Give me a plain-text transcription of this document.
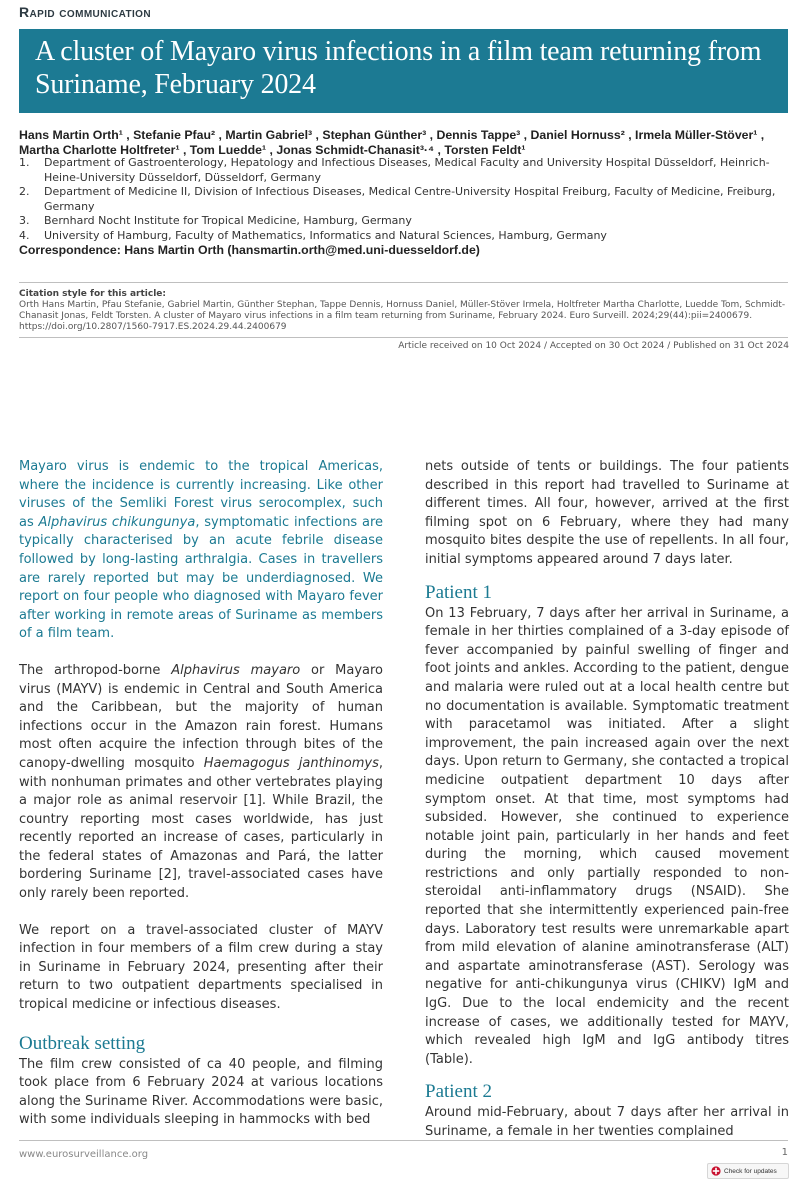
Rapid communication
A cluster of Mayaro virus infections in a film team returning from Suriname, February 2024
Hans Martin Orth¹ , Stefanie Pfau² , Martin Gabriel³ , Stephan Günther³ , Dennis Tappe³ , Daniel Hornuss² , Irmela Müller-Stöver¹ , Martha Charlotte Holtfreter¹ , Tom Luedde¹ , Jonas Schmidt-Chanasit³·⁴ , Torsten Feldt¹
1.	Department of Gastroenterology, Hepatology and Infectious Diseases, Medical Faculty and University Hospital Düsseldorf, Heinrich-Heine-University Düsseldorf, Düsseldorf, Germany
2.	Department of Medicine II, Division of Infectious Diseases, Medical Centre-University Hospital Freiburg, Faculty of Medicine, Freiburg, Germany
3.	Bernhard Nocht Institute for Tropical Medicine, Hamburg, Germany
4.	University of Hamburg, Faculty of Mathematics, Informatics and Natural Sciences, Hamburg, Germany
Correspondence: Hans Martin Orth (hansmartin.orth@med.uni-duesseldorf.de)
Citation style for this article:
Orth Hans Martin, Pfau Stefanie, Gabriel Martin, Günther Stephan, Tappe Dennis, Hornuss Daniel, Müller-Stöver Irmela, Holtfreter Martha Charlotte, Luedde Tom, Schmidt-Chanasit Jonas, Feldt Torsten. A cluster of Mayaro virus infections in a film team returning from Suriname, February 2024. Euro Surveill. 2024;29(44):pii=2400679. https://doi.org/10.2807/1560-7917.ES.2024.29.44.2400679
Article received on 10 Oct 2024 / Accepted on 30 Oct 2024 / Published on 31 Oct 2024

Mayaro virus is endemic to the tropical Americas, where the incidence is currently increasing. Like other viruses of the Semliki Forest virus serocomplex, such as Alphavirus chikungunya, symptomatic infections are typically characterised by an acute febrile disease followed by long-lasting arthralgia. Cases in travellers are rarely reported but may be underdiagnosed. We report on four people who diagnosed with Mayaro fever after working in remote areas of Suriname as members of a film team.

The arthropod-borne Alphavirus mayaro or Mayaro virus (MAYV) is endemic in Central and South America and the Caribbean, but the majority of human infections occur in the Amazon rain forest. Humans most often acquire the infection through bites of the canopy-dwelling mosquito Haemagogus janthinomys, with nonhuman primates and other vertebrates playing a major role as animal reservoir [1]. While Brazil, the country reporting most cases worldwide, has just recently reported an increase of cases, particularly in the federal states of Amazonas and Pará, the latter bordering Suriname [2], travel-associated cases have only rarely been reported.

We report on a travel-associated cluster of MAYV infection in four members of a film crew during a stay in Suriname in February 2024, presenting after their return to two outpatient departments specialised in tropical medicine or infectious diseases.

Outbreak setting

The film crew consisted of ca 40 people, and filming took place from 6 February 2024 at various locations along the Suriname River. Accommodations were basic, with some individuals sleeping in hammocks with bed

nets outside of tents or buildings. The four patients described in this report had travelled to Suriname at different times. All four, however, arrived at the first filming spot on 6 February, where they had many mosquito bites despite the use of repellents. In all four, initial symptoms appeared around 7 days later.

Patient 1

On 13 February, 7 days after her arrival in Suriname, a female in her thirties complained of a 3-day episode of fever accompanied by painful swelling of finger and foot joints and ankles. According to the patient, dengue and malaria were ruled out at a local health centre but no documentation is available. Symptomatic treatment with paracetamol was initiated. After a slight improvement, the pain increased again over the next days. Upon return to Germany, she contacted a tropical medicine outpatient department 10 days after symptom onset. At that time, most symptoms had subsided. However, she continued to experience notable joint pain, particularly in her hands and feet during the morning, which caused movement restrictions and only partially responded to non-steroidal anti-inflammatory drugs (NSAID). She reported that she intermittently experienced pain-free days. Laboratory test results were unremarkable apart from mild elevation of alanine aminotransferase (ALT) and aspartate aminotransferase (AST). Serology was negative for anti-chikungunya virus (CHIKV) IgM and IgG. Due to the local endemicity and the recent increase of cases, we additionally tested for MAYV, which revealed high IgM and IgG antibody titres (Table).

Patient 2

Around mid-February, about 7 days after her arrival in Suriname, a female in her twenties complained

www.eurosurveillance.org	1
Check for updates
